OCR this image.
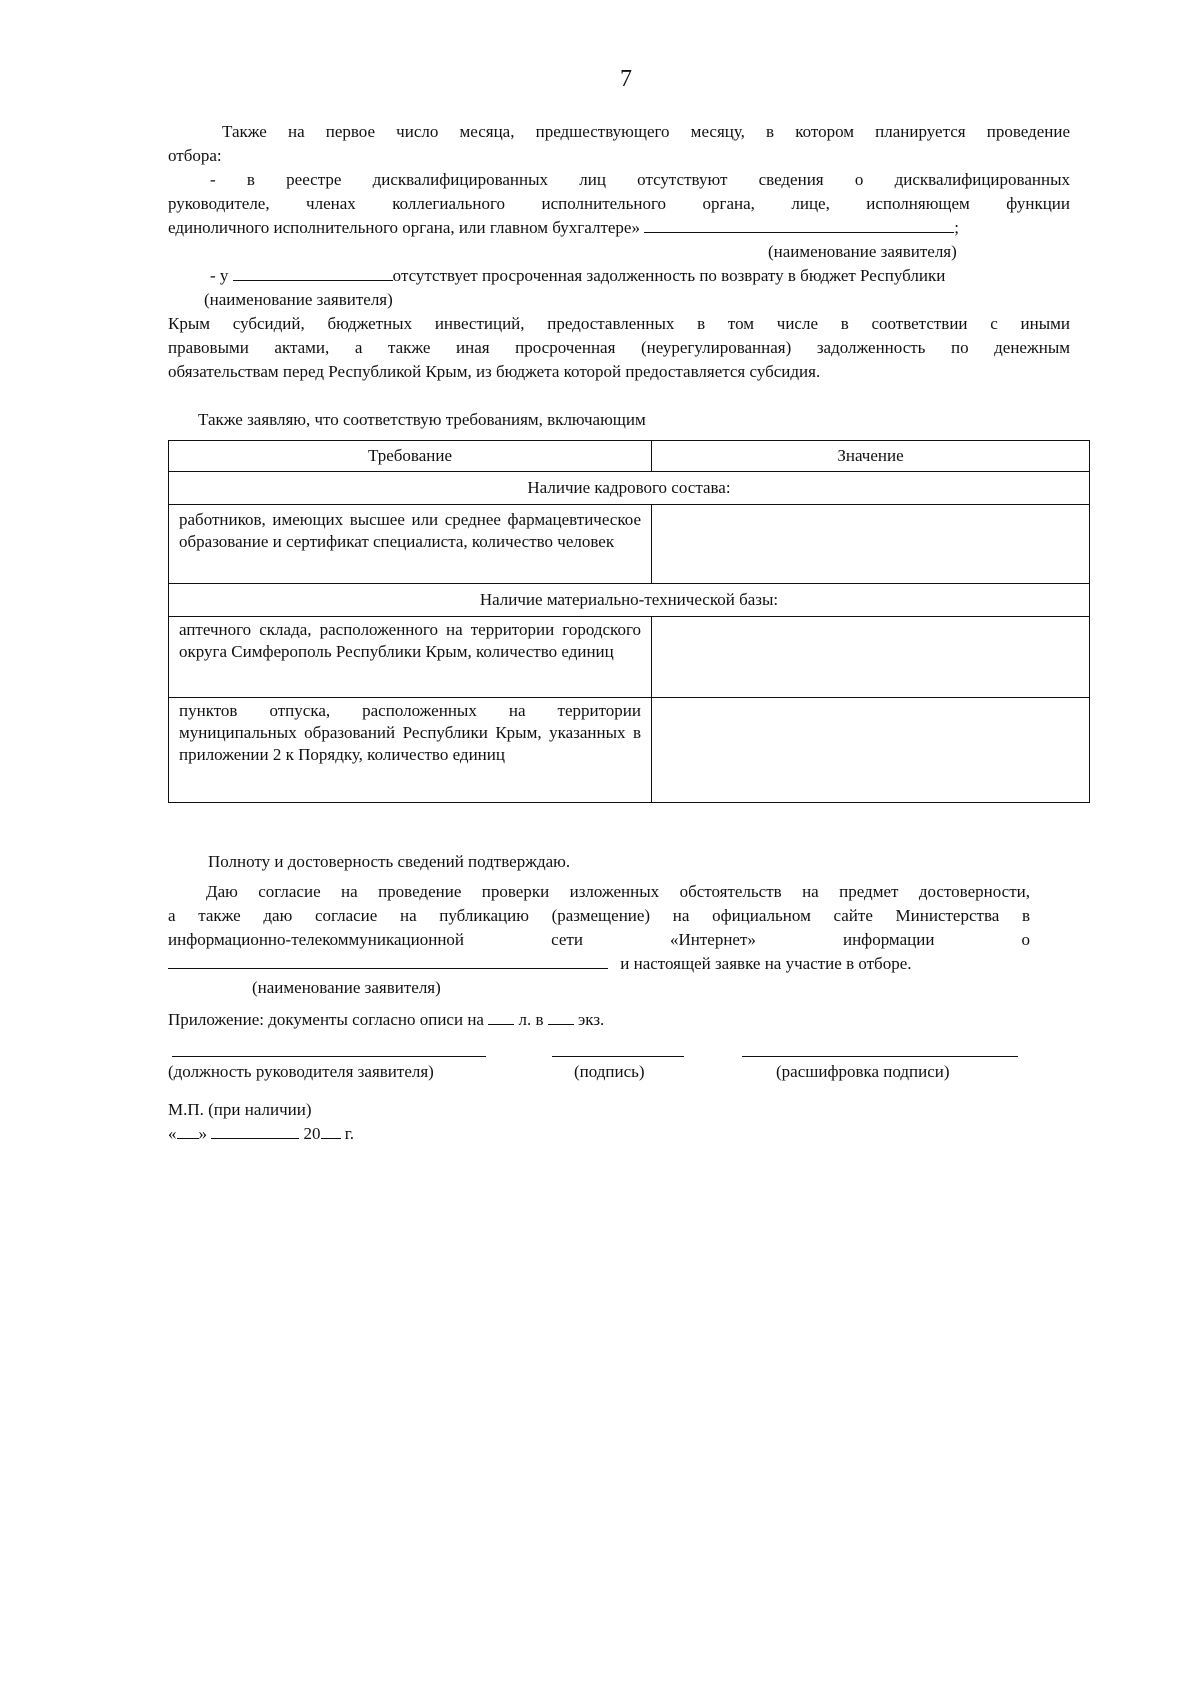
7

Также на первое число месяца, предшествующего месяцу, в котором планируется проведение

отбора:

- в реестре дисквалифицированных лиц отсутствуют сведения о дисквалифицированных

руководителе, членах коллегиального исполнительного органа, лице, исполняющем функции

единоличного исполнительного органа, или главном бухгалтере»	;

(наименование заявителя)

- у	отсутствует просроченная задолженность по возврату в бюджет Республики

(наименование заявителя)

Крым субсидий, бюджетных инвестиций, предоставленных в том числе в соответствии с иными

правовыми актами, а также иная просроченная (неурегулированная) задолженность по денежным

обязательствам перед Республикой Крым, из бюджета которой предоставляется субсидия.

Также заявляю, что соответствую требованиям, включающим

Требование	Значение
Наличие кадрового состава:	
работников, имеющих высшее или среднее фармацевтическое образование и сертификат специалиста, количество человек	
Наличие материально-технической базы:	
аптечного склада, расположенного на территории городского округа Симферополь Республики Крым, количество единиц	
пунктов отпуска, расположенных на территории муниципальных образований Республики Крым, указанных в приложении 2 к Порядку, количество единиц	

Полноту и достоверность сведений подтверждаю.

Даю согласие на проведение проверки изложенных обстоятельств на предмет достоверности,

а также даю согласие на публикацию (размещение) на официальном сайте Министерства в

информационно-телекоммуникационной сети «Интернет» информации о

и настоящей заявке на участие в отборе.

(наименование заявителя)

Приложение: документы согласно описи на л. в экз.

(должность руководителя заявителя)	(подпись)	(расшифровка подписи)

М.П. (при наличии)

« »	20 г.
